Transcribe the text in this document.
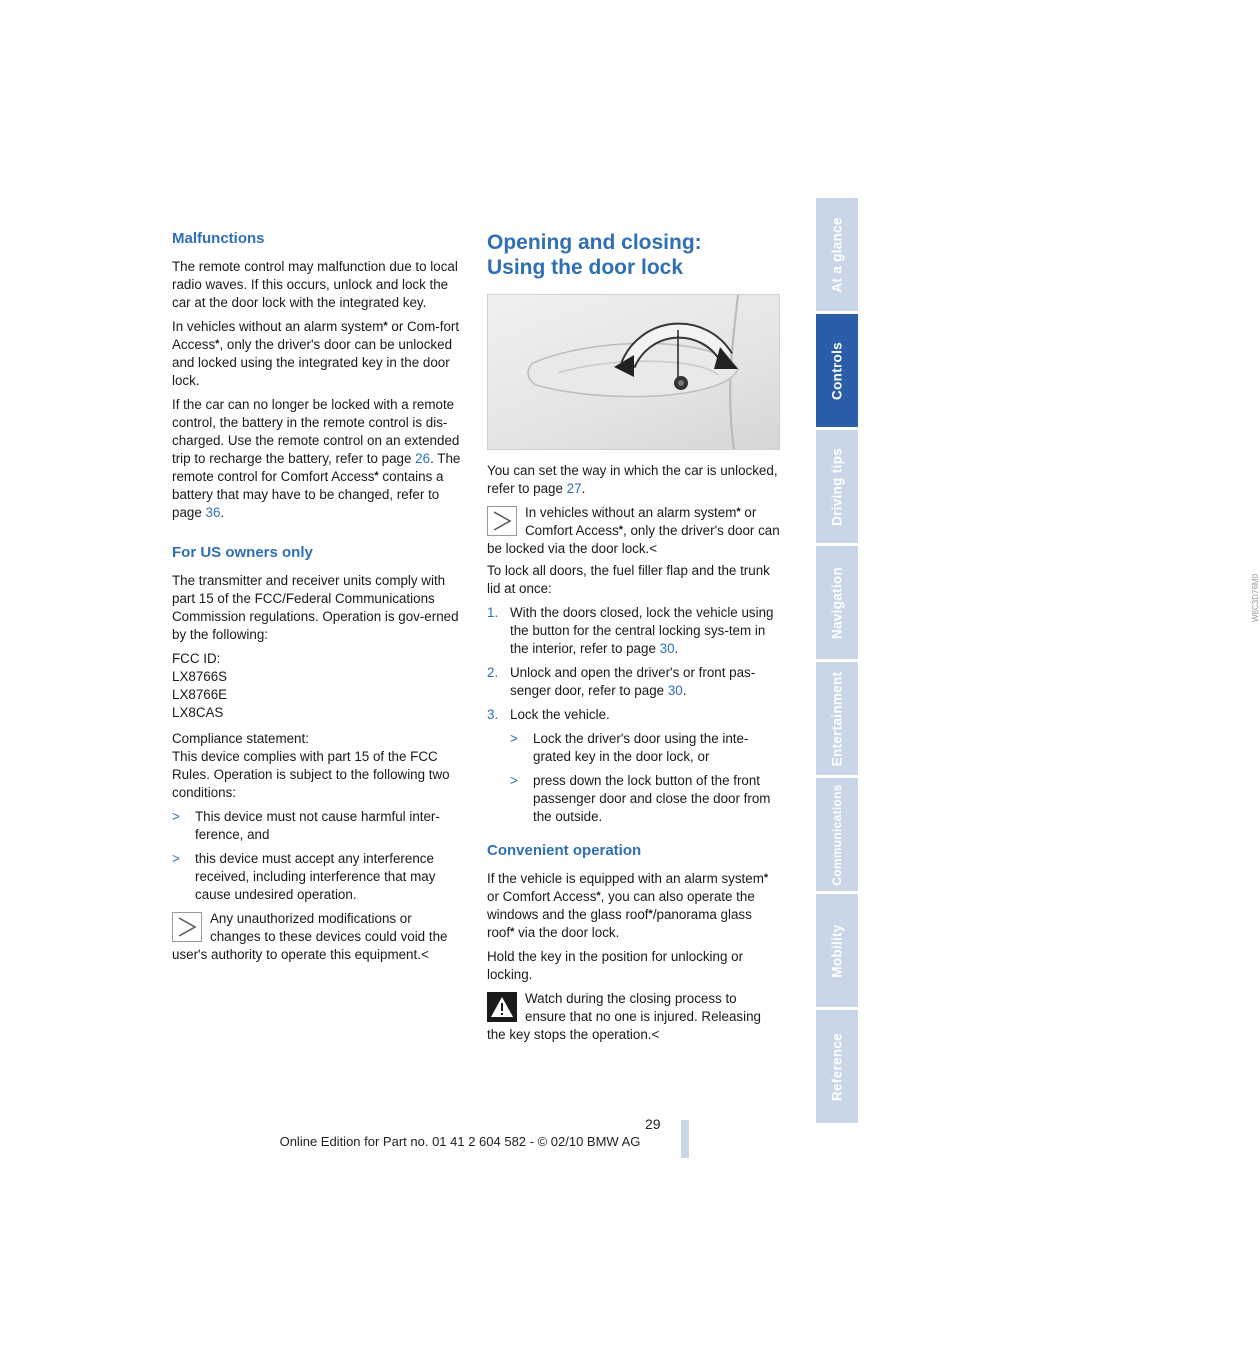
Malfunctions

The remote control may malfunction due to local radio waves. If this occurs, unlock and lock the car at the door lock with the integrated key.

In vehicles without an alarm system* or Com-fort Access*, only the driver's door can be unlocked and locked using the integrated key in the door lock.

If the car can no longer be locked with a remote control, the battery in the remote control is dis-charged. Use the remote control on an extended trip to recharge the battery, refer to page 26. The remote control for Comfort Access* contains a battery that may have to be changed, refer to page 36.

For US owners only

The transmitter and receiver units comply with part 15 of the FCC/Federal Communications Commission regulations. Operation is gov-erned by the following:

FCC ID:
LX8766S
LX8766E
LX8CAS

Compliance statement:
This device complies with part 15 of the FCC Rules. Operation is subject to the following two conditions:

>	This device must not cause harmful inter-ference, and
>	this device must accept any interference received, including interference that may cause undesired operation.

Any unauthorized modifications or changes to these devices could void the user's authority to operate this equipment.<

Opening and closing:
Using the door lock
W8C3D76M0

You can set the way in which the car is unlocked, refer to page 27.

In vehicles without an alarm system* or Comfort Access*, only the driver's door can be locked via the door lock.<

To lock all doors, the fuel filler flap and the trunk lid at once:

1. With the doors closed, lock the vehicle using the button for the central locking sys-tem in the interior, refer to page 30.
2. Unlock and open the driver's or front pas-senger door, refer to page 30.
3. Lock the vehicle.
>	Lock the driver's door using the inte-grated key in the door lock, or
>	press down the lock button of the front passenger door and close the door from the outside.
Convenient operation

If the vehicle is equipped with an alarm system* or Comfort Access*, you can also operate the windows and the glass roof*/panorama glass roof* via the door lock.

Hold the key in the position for unlocking or locking.

Watch during the closing process to ensure that no one is injured. Releasing the key stops the operation.<

At a glance
Controls
Driving tips
Navigation
Entertainment
Communications
Mobility
Reference
29
Online Edition for Part no. 01 41 2 604 582 - © 02/10 BMW AG
